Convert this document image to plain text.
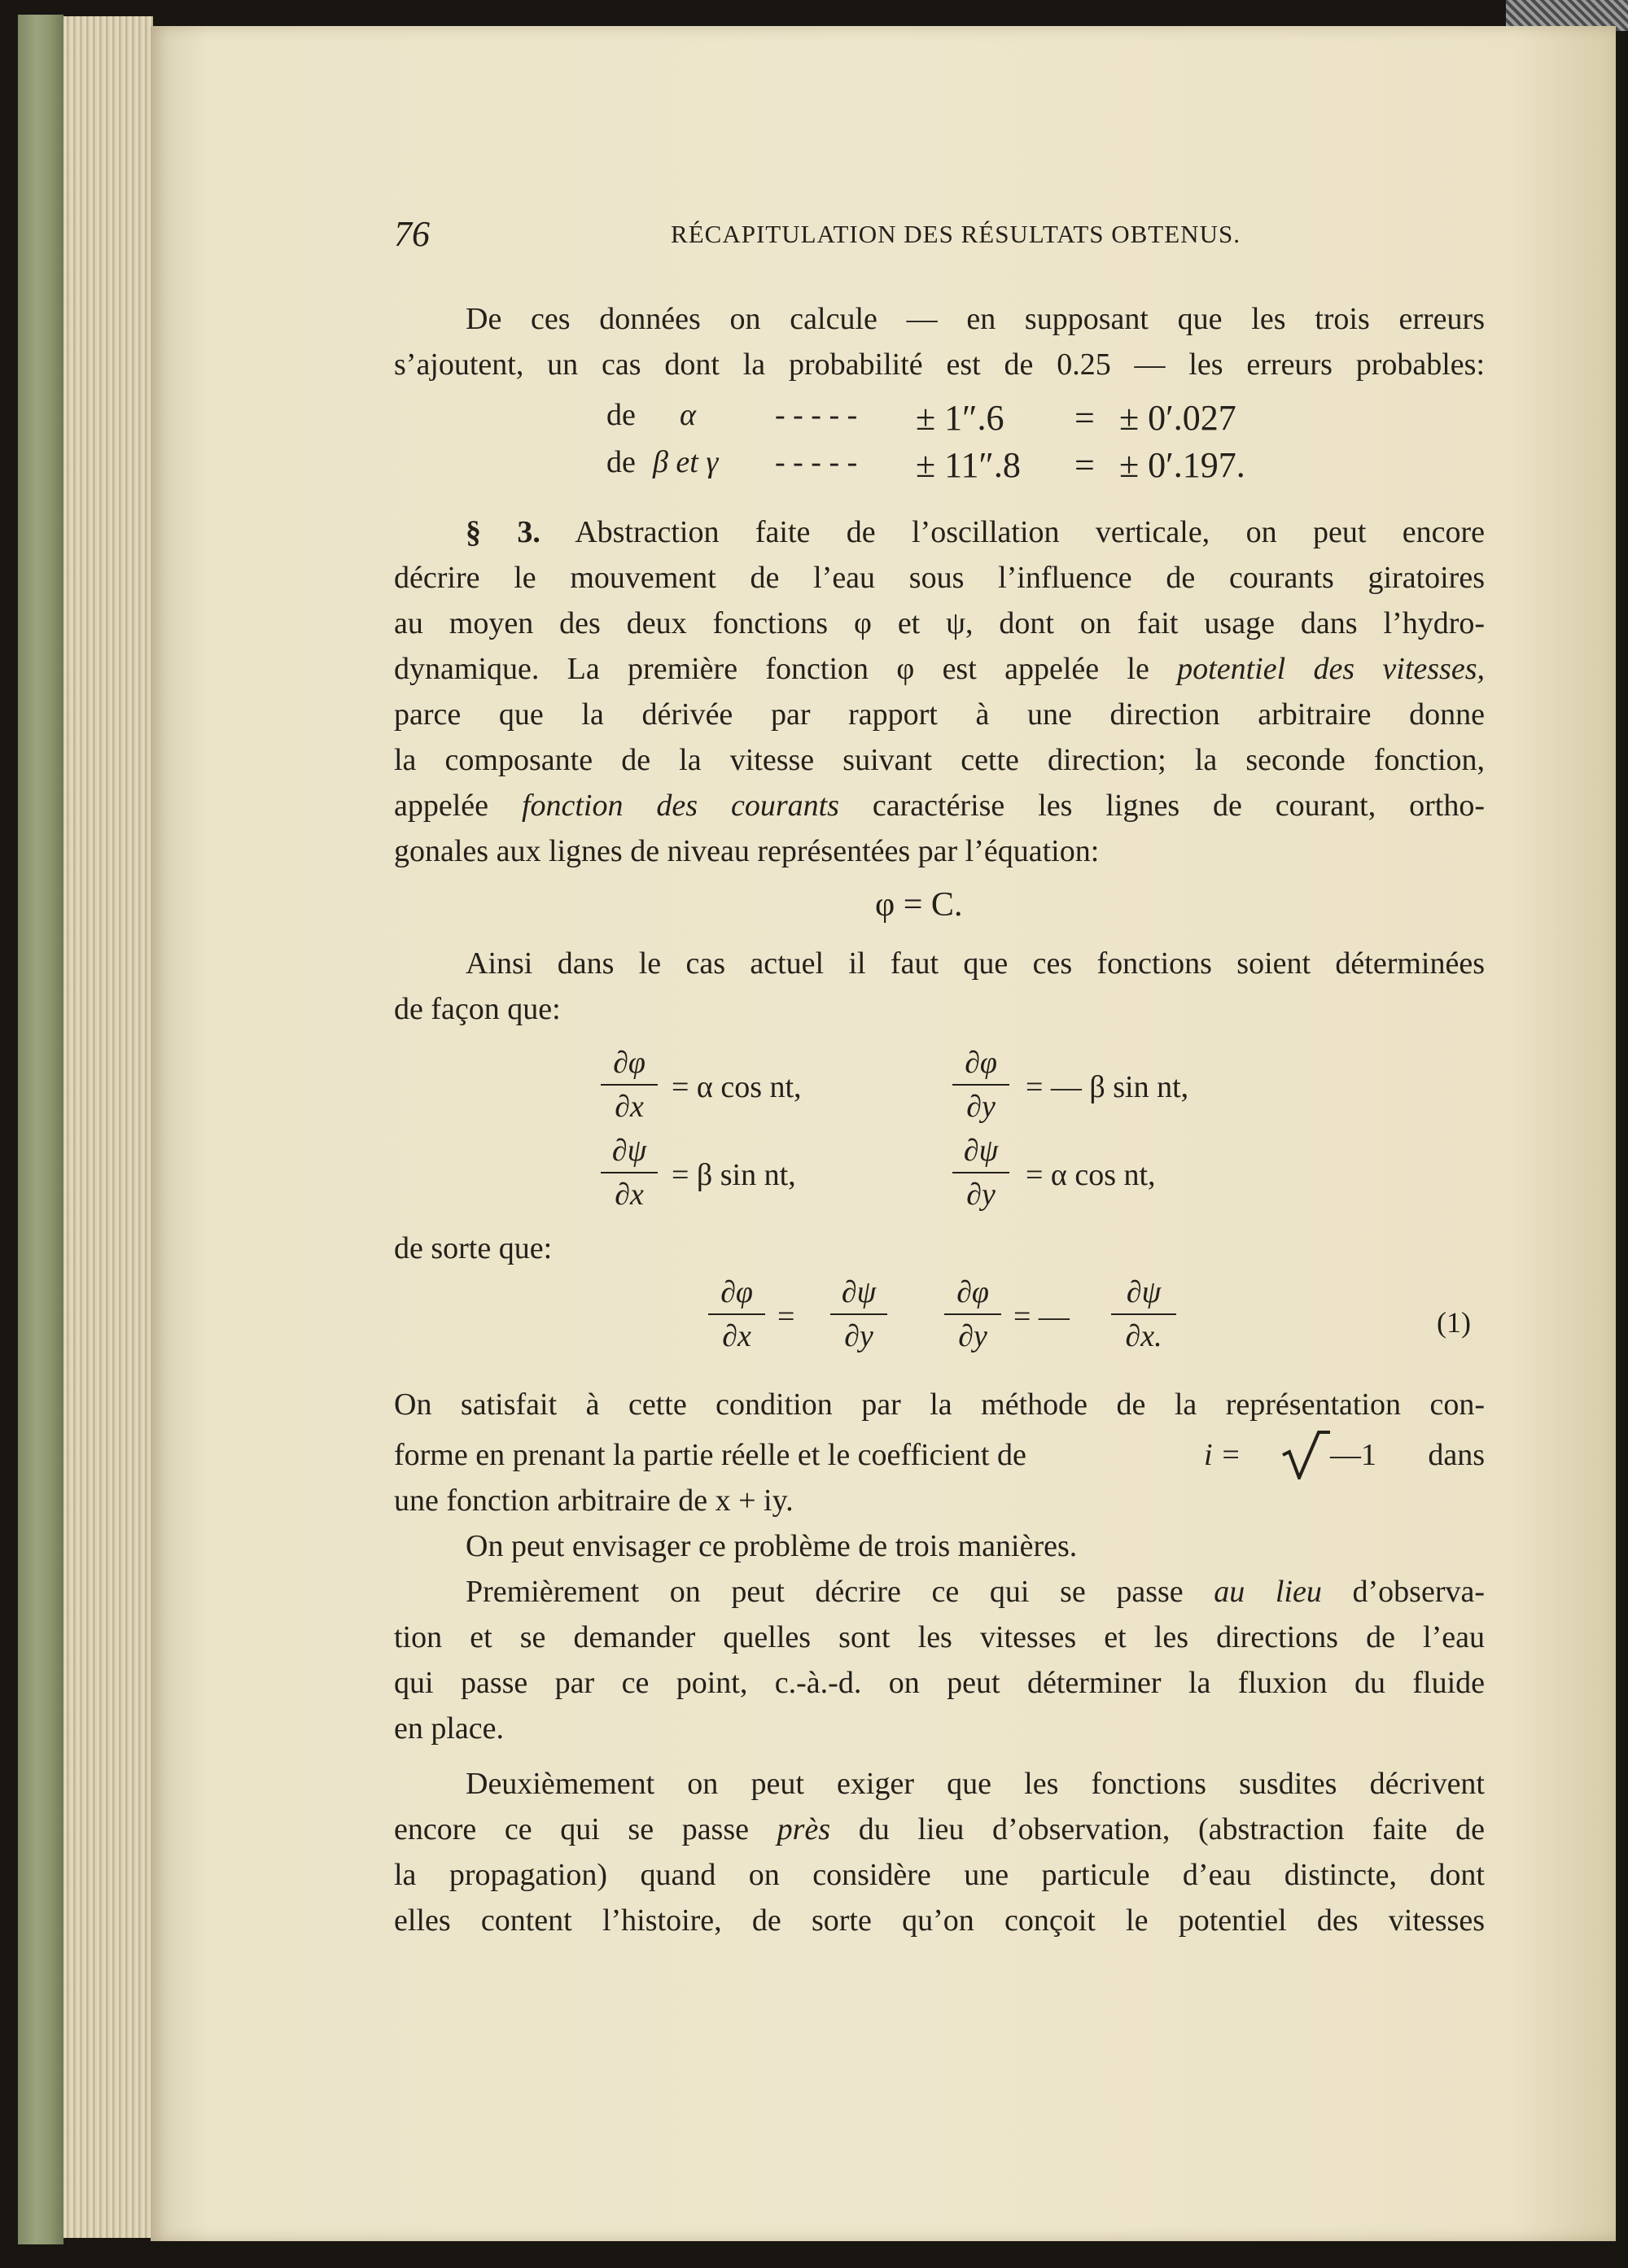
76	RÉCAPITULATION DES RÉSULTATS OBTENUS.
De ces données on calcule — en supposant que les trois erreurs
s’ajoutent, un cas dont la probabilité est de 0.25 — les erreurs probables:
de α	- - - - - ± 1″.6 = ± 0′.027
de β et γ - - - - - ± 11″.8 = ± 0′.197.
§ 3. Abstraction faite de l’oscillation verticale, on peut encore
décrire le mouvement de l’eau sous l’influence de courants giratoires
au moyen des deux fonctions φ et ψ, dont on fait usage dans l’hydro-
dynamique. La première fonction φ est appelée le potentiel des vitesses,
parce que la dérivée par rapport à une direction arbitraire donne
la composante de la vitesse suivant cette direction; la seconde fonction,
appelée fonction des courants caractérise les lignes de courant, ortho-
gonales aux lignes de niveau représentées par l’équation:
φ = C.
Ainsi dans le cas actuel il faut que ces fonctions soient déterminées
de façon que:
∂φ
∂x
= α cos nt,
∂φ
∂y
= — β sin nt,
∂ψ
∂x
= β sin nt,
∂ψ
∂y
= α cos nt,
de sorte que:
∂φ
∂x
=
∂ψ
∂y
∂φ
∂y
= —
∂ψ
∂x.	(1)
On satisfait à cette condition par la méthode de la représentation con-
forme en prenant la partie réelle et le coefficient de	i =	—1 dans
une fonction arbitraire de x + iy.
On peut envisager ce problème de trois manières.
Premièrement on peut décrire ce qui se passe au lieu d’observa-
tion et se demander quelles sont les vitesses et les directions de l’eau
qui passe par ce point, c.-à.-d. on peut déterminer la fluxion du fluide
en place.
Deuxièmement on peut exiger que les fonctions susdites décrivent
encore ce qui se passe près du lieu d’observation, (abstraction faite de
la propagation) quand on considère une particule d’eau distincte, dont
elles content l’histoire, de sorte qu’on conçoit le potentiel des vitesses
